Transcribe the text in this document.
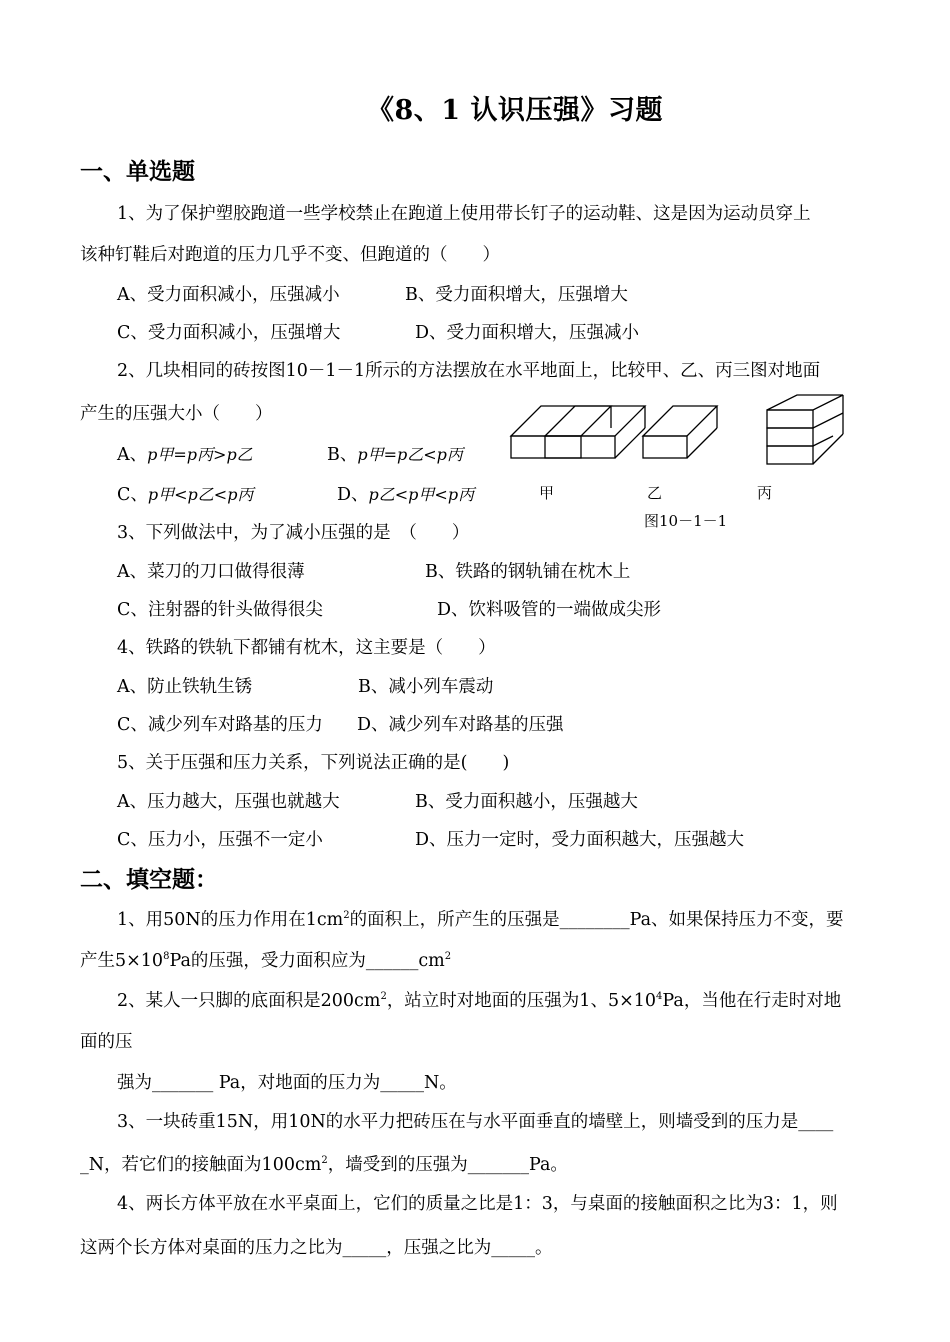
《8、1 认识压强》习题
一、单选题
1、为了保护塑胶跑道一些学校禁止在跑道上使用带长钉子的运动鞋、这是因为运动员穿上
该种钉鞋后对跑道的压力几乎不变、但跑道的（　　）
A、受力面积减小，压强减小	B、受力面积增大，压强增大
C、受力面积减小，压强增大	D、受力面积增大，压强减小
2、几块相同的砖按图10－1－1所示的方法摆放在水平地面上，比较甲、乙、丙三图对地面
产生的压强大小（　　）
A、p甲=p丙>p乙	B、p甲=p乙<p丙
C、p甲<p乙<p丙	D、p乙<p甲<p丙	甲	乙	丙
图10－1－1
3、下列做法中，为了减小压强的是　（　　）
A、菜刀的刀口做得很薄	B、铁路的钢轨铺在枕木上
C、注射器的针头做得很尖	D、饮料吸管的一端做成尖形
4、铁路的铁轨下都铺有枕木，这主要是（　　）
A、防止铁轨生锈	B、减小列车震动
C、减少列车对路基的压力 D、减少列车对路基的压强
5、关于压强和压力关系，下列说法正确的是(　　)
A、压力越大，压强也就越大	B、受力面积越小，压强越大
C、压力小，压强不一定小	D、压力一定时，受力面积越大，压强越大
二、填空题：
1、用50N的压力作用在$1cm^2$的面积上，所产生的压强是________Pa、如果保持压力不变，要
产生$5\times 10^8Pa$的压强，受力面积应为$\_\_\_\_\_\_cm^2$
2、某人一只脚的底面积是$200cm^2$，站立时对地面的压强为1、$5\times 10^4Pa$，当他在行走时对地
面的压
强为_______ Pa，对地面的压力为_____N。
3、一块砖重15N，用10N的水平力把砖压在与水平面垂直的墙壁上，则墙受到的压力是____
_N，若它们的接触面为$100cm^2$，墙受到的压强为_______Pa。
4、两长方体平放在水平桌面上，它们的质量之比是1：3，与桌面的接触面积之比为3：1，则
这两个长方体对桌面的压力之比为_____，压强之比为_____。
